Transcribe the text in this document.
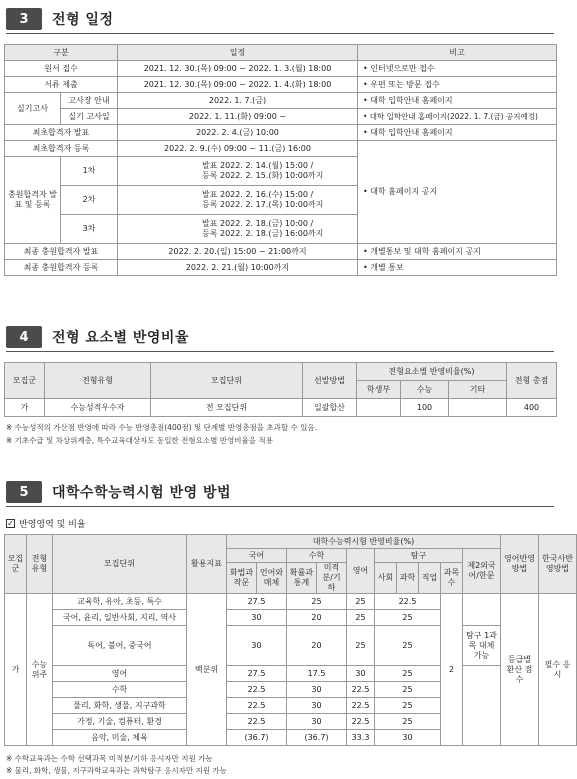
3	전형 일정
구분		일정	비고
원서 접수		2021. 12. 30.(목) 09:00 ~ 2022. 1. 3.(월) 18:00	• 인터넷으로만 접수
서류 제출		2021. 12. 30.(목) 09:00 ~ 2022. 1. 4.(화) 18:00	• 우편 또는 방문 접수
실기고사	고사장 안내	2022. 1. 7.(금)	• 대학 입학안내 홈페이지
	실기 고사일	2022. 1. 11.(화) 09:00 ~	• 대학 입학안내 홈페이지(2022. 1. 7.(금) 공지예정)
최초합격자 발표		2022. 2. 4.(금) 10:00	• 대학 입학안내 홈페이지
최초합격자 등록		2022. 2. 9.(수) 09:00 ~ 11.(금) 16:00	• 대학 홈페이지 공지
충원합격자 발표 및 등록	1차	발표 2022. 2. 14.(월) 15:00 /
등록 2022. 2. 15.(화) 10:00까지	

	2차	발표 2022. 2. 16.(수) 15:00 /
등록 2022. 2. 17.(목) 10:00까지	

	3차	발표 2022. 2. 18.(금) 10:00 /
등록 2022. 2. 18.(금) 16:00까지	

최종 충원합격자 발표		2022. 2. 20.(일) 15:00 ~ 21:00까지	• 개별통보 및 대학 홈페이지 공지
최종 충원합격자 등록		2022. 2. 21.(월) 10:00까지	• 개별 통보
4	전형 요소별 반영비율
모집군	전형유형	모집단위	선발방법	전형요소별 반영비율(%)			전형 총점
				학생부	수능	기타	
가	수능성적우수자	전 모집단위	일괄합산		100		400
※ 수능성적의 가산점 반영에 따라 수능 반영총점(400점) 및 단계별 반영총점을 초과할 수 있음.
※ 기초수급 및 차상위계층, 특수교육대상자도 동일한 전형요소별 반영비율을 적용
5	대학수학능력시험 반영 방법
✓ 반영영역 및 비율
모집군	전형유형	모집단위	활용지표	대학수능력시험 반영비율(%)										영어반영방법	한국사반영방법
				국어		수학		영어	탐구				제2외국어/한문		
				화법과작문	언어와매체	확률과통계	미적분/기하		사회	과학	직업	과목수			
가	수능위주	교육학, 유아, 초등, 특수	백분위	27.5		25		25	22.5			2		등급별 환산 점수	필수 응시
		국어, 윤리, 일반사회, 지리, 역사		30		20		25	25						
		독어, 불어, 중국어		30		20		25	25				탐구 1과목 대체가능		
		영어		27.5		17.5		30	25						
		수학		22.5		30		22.5	25						
		물리, 화학, 생물, 지구과학		22.5		30		22.5	25						
		가정, 기술, 컴퓨터, 환경		22.5		30		22.5	25						
		음악, 미술, 체육		(36.7)		(36.7)		33.3	30						
※ 수학교육과는 수학 선택과목 미적분/기하 응시자만 지원 가능
※ 물리, 화학, 생물, 지구과학교육과는 과학탐구 응시자만 지원 가능
